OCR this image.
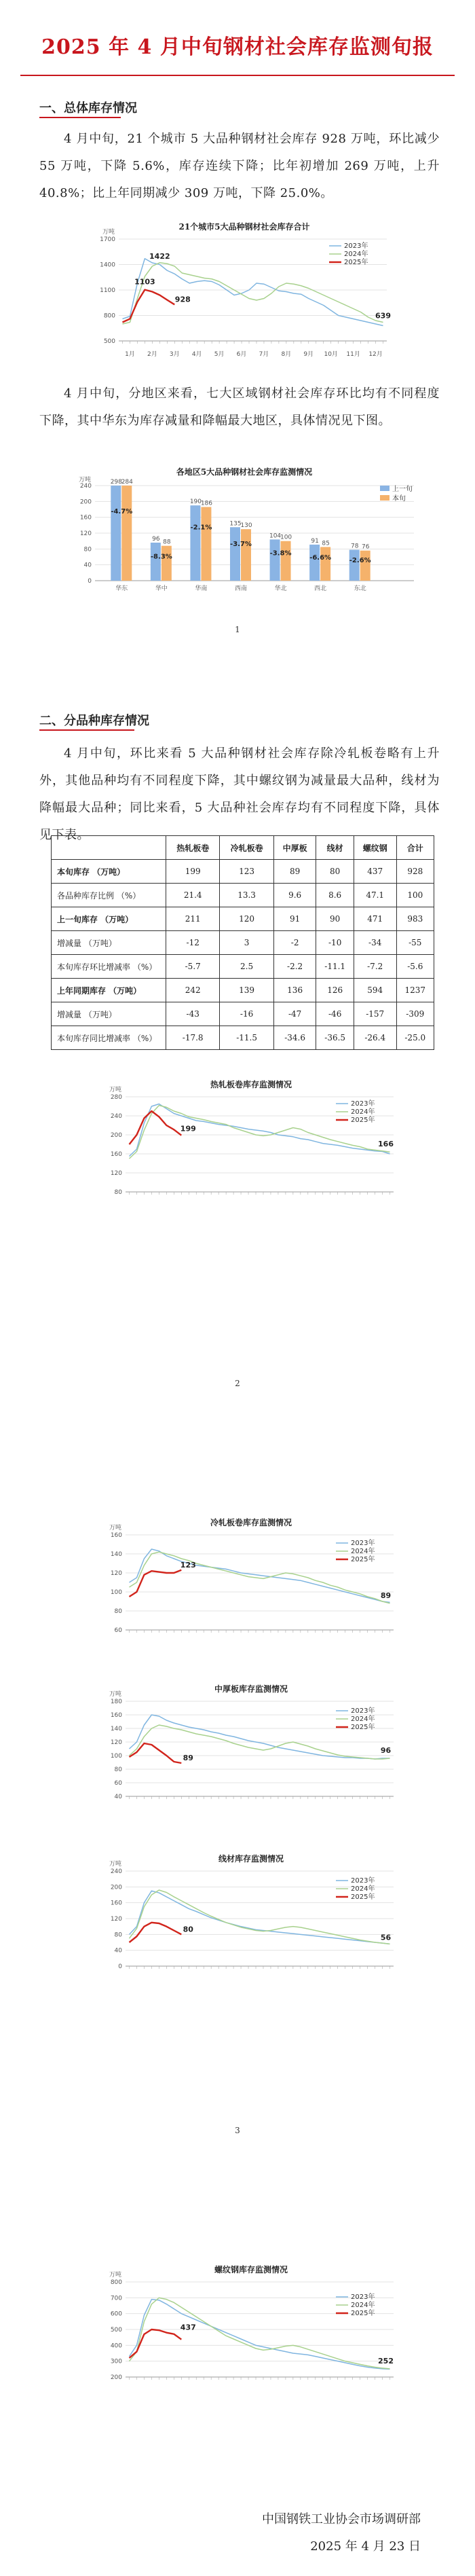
2025 年 4 月中旬钢材社会库存监测旬报
一、总体库存情况
4 月中旬，21 个城市 5 大品种钢材社会库存 928 万吨，环比减少 55 万吨，下降 5.6%，库存连续下降；比年初增加 269 万吨，上升 40.8%；比上年同期减少 309 万吨，下降 25.0%。
21个城市5大品种钢材社会库存合计
万吨
500
800
1100
1400
1700
1月 2月 3月 4月 5月 6月 7月 8月 9月 10月 11月 12月
2023年
2024年
2025年
1422
1103
928
639
4 月中旬，分地区来看，七大区域钢材社会库存环比均有不同程度下降，其中华东为库存减量和降幅最大地区，具体情况见下图。
各地区5大品种钢材社会库存监测情况
万吨
0
40
80
120
160
200
240
298
284
-4.7%
华东
96 88
-8.3%
华中
190
186
-2.1%
华南
135
130
-3.7%
西南
104
100
-3.8%
华北
91 85
-6.6%
西北
78 76
-2.6%
东北
上一旬
本旬
1
二、分品种库存情况
4 月中旬，环比来看 5 大品种钢材社会库存除冷轧板卷略有上升外，其他品种均有不同程度下降，其中螺纹钢为减量最大品种，线材为降幅最大品种；同比来看，5 大品种社会库存均有不同程度下降，具体见下表。
	热轧板卷	冷轧板卷	中厚板	线材	螺纹钢	合计
本旬库存 （万吨）	199	123	89	80	437	928
各品种库存比例 （%）	21.4	13.3	9.6	8.6	47.1	100
上一旬库存 （万吨）	211	120	91	90	471	983
增减量 （万吨）	-12	3	-2	-10	-34	-55
本旬库存环比增减率 （%）	-5.7	2.5	-2.2	-11.1	-7.2	-5.6
上年同期库存 （万吨）	242	139	136	126	594	1237
增减量 （万吨）	-43	-16	-47	-46	-157	-309
本旬库存同比增减率 （%）	-17.8	-11.5	-34.6	-36.5	-26.4	-25.0
热轧板卷库存监测情况
万吨
80
120
160
200
240
280
2023年
2024年
2025年
199
166
2
冷轧板卷库存监测情况
万吨
60
80
100
120
140
160
2023年
2024年
2025年
123
89
中厚板库存监测情况
万吨
40
60
80
100
120
140
160
180
2023年
2024年
2025年
89
96
线材库存监测情况
万吨
0
40
80
120
160
200
240
2023年
2024年
2025年
80
56
3
螺纹钢库存监测情况
万吨
200
300
400
500
600
700
800
2023年
2024年
2025年
437
252
中国钢铁工业协会市场调研部
2025 年 4 月 23 日
